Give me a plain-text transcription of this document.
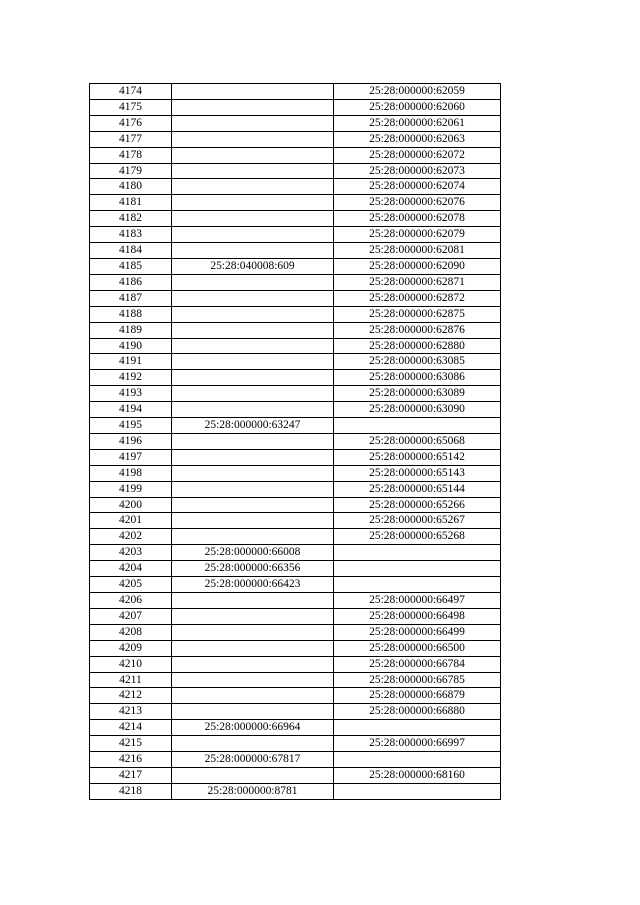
4174		25:28:000000:62059
4175		25:28:000000:62060
4176		25:28:000000:62061
4177		25:28:000000:62063
4178		25:28:000000:62072
4179		25:28:000000:62073
4180		25:28:000000:62074
4181		25:28:000000:62076
4182		25:28:000000:62078
4183		25:28:000000:62079
4184		25:28:000000:62081
4185	25:28:040008:609	25:28:000000:62090
4186		25:28:000000:62871
4187		25:28:000000:62872
4188		25:28:000000:62875
4189		25:28:000000:62876
4190		25:28:000000:62880
4191		25:28:000000:63085
4192		25:28:000000:63086
4193		25:28:000000:63089
4194		25:28:000000:63090
4195	25:28:000000:63247	
4196		25:28:000000:65068
4197		25:28:000000:65142
4198		25:28:000000:65143
4199		25:28:000000:65144
4200		25:28:000000:65266
4201		25:28:000000:65267
4202		25:28:000000:65268
4203	25:28:000000:66008	
4204	25:28:000000:66356	
4205	25:28:000000:66423	
4206		25:28:000000:66497
4207		25:28:000000:66498
4208		25:28:000000:66499
4209		25:28:000000:66500
4210		25:28:000000:66784
4211		25:28:000000:66785
4212		25:28:000000:66879
4213		25:28:000000:66880
4214	25:28:000000:66964	
4215		25:28:000000:66997
4216	25:28:000000:67817	
4217		25:28:000000:68160
4218	25:28:000000:8781	
